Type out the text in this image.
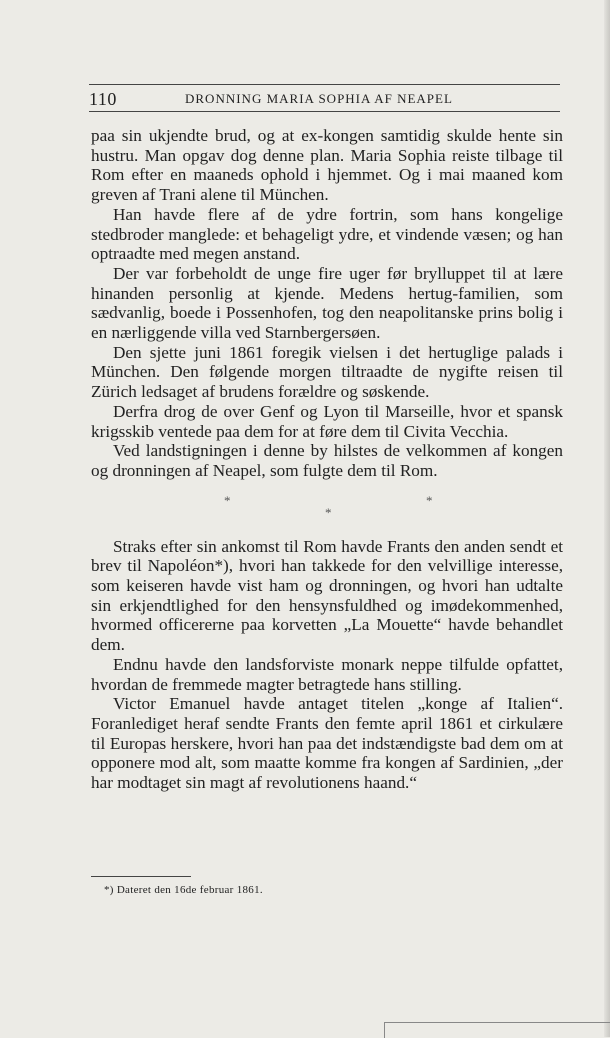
110	DRONNING MARIA SOPHIA AF NEAPEL

paa sin ukjendte brud, og at ex-kongen samtidig skulde hente sin hustru. Man opgav dog denne plan. Maria Sophia reiste tilbage til Rom efter en maaneds ophold i hjemmet. Og i mai maaned kom greven af Trani alene til München.

Han havde flere af de ydre fortrin, som hans kongelige stedbroder manglede: et behageligt ydre, et vindende væsen; og han optraadte med megen anstand.

Der var forbeholdt de unge fire uger før brylluppet til at lære hinanden personlig at kjende. Medens hertug-familien, som sædvanlig, boede i Possenhofen, tog den neapolitanske prins bolig i en nærliggende villa ved Starnbergersøen.

Den sjette juni 1861 foregik vielsen i det hertuglige palads i München. Den følgende morgen tiltraadte de nygifte reisen til Zürich ledsaget af brudens forældre og søskende.

Derfra drog de over Genf og Lyon til Marseille, hvor et spansk krigsskib ventede paa dem for at føre dem til Civita Vecchia.

Ved landstigningen i denne by hilstes de velkommen af kongen og dronningen af Neapel, som fulgte dem til Rom.

*
*
*

Straks efter sin ankomst til Rom havde Frants den anden sendt et brev til Napoléon*), hvori han takkede for den velvillige interesse, som keiseren havde vist ham og dronningen, og hvori han udtalte sin erkjendtlighed for den hensynsfuldhed og imødekommenhed, hvormed officererne paa korvetten „La Mouette“ havde behandlet dem.

Endnu havde den landsforviste monark neppe tilfulde opfattet, hvordan de fremmede magter betragtede hans stilling.

Victor Emanuel havde antaget titelen „konge af Italien“. Foranlediget heraf sendte Frants den femte april 1861 et cirkulære til Europas herskere, hvori han paa det indstændigste bad dem om at opponere mod alt, som maatte komme fra kongen af Sardinien, „der har modtaget sin magt af revolutionens haand.“

*) Dateret den 16de februar 1861.
